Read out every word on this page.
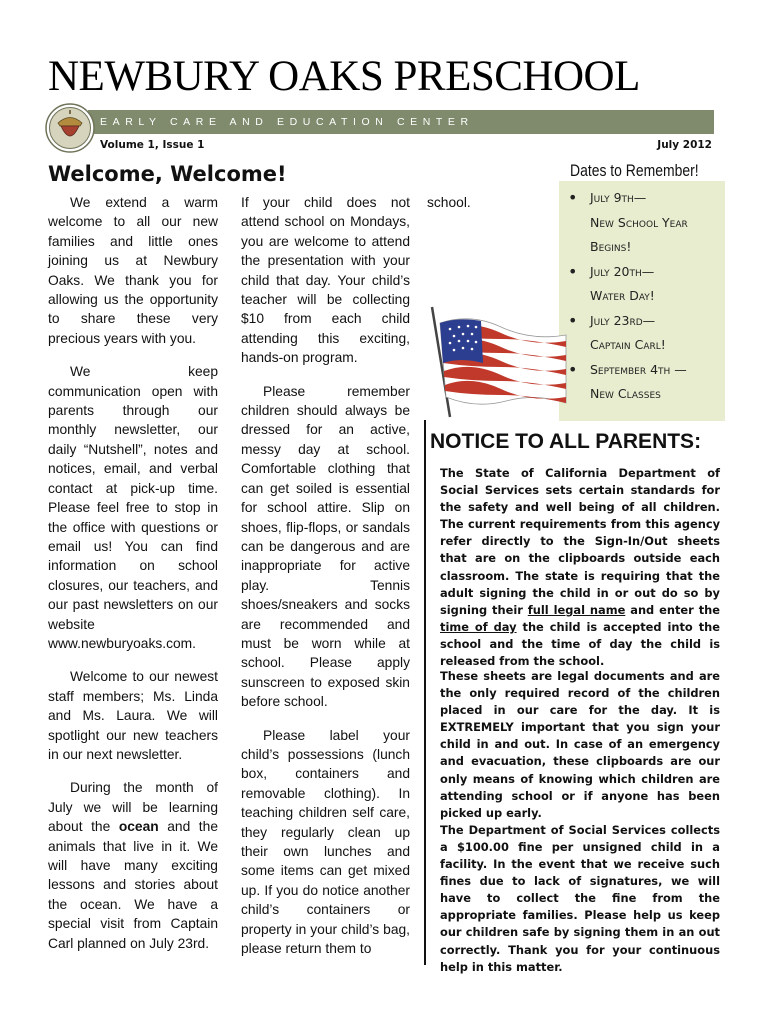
NEWBURY OAKS PRESCHOOL
EARLY CARE AND EDUCATION CENTER
Volume 1, Issue 1	July 2012
Welcome, Welcome!

We extend a warm welcome to all our new families and little ones joining us at Newbury Oaks. We thank you for allowing us the opportunity to share these very precious years with you.

We keep communication open with parents through our monthly newsletter, our daily “Nutshell”, notes and notices, email, and verbal contact at pick-up time. Please feel free to stop in the office with questions or email us! You can find information on school closures, our teachers, and our past newsletters on our website www.newburyoaks.com.

Welcome to our newest staff members; Ms. Linda and Ms. Laura. We will spotlight our new teachers in our next newsletter.

During the month of July we will be learning about the ocean and the animals that live in it. We will have many exciting lessons and stories about the ocean. We have a special visit from Captain Carl planned on July 23rd.

If your child does not attend school on Mondays, you are welcome to attend the presentation with your child that day. Your child’s teacher will be collecting $10 from each child attending this exciting, hands-on program.

Please remember children should always be dressed for an active, messy day at school. Comfortable clothing that can get soiled is essential for school attire. Slip on shoes, flip-flops, or sandals can be dangerous and are inappropriate for active play. Tennis shoes/sneakers and socks are recommended and must be worn while at school. Please apply sunscreen to exposed skin before school.

Please label your child’s possessions (lunch box, containers and removable clothing). In teaching children self care, they regularly clean up their own lunches and some items can get mixed up. If you do notice another child’s containers or property in your child’s bag, please return them to

school.
Dates to Remember!
• July 9th—
New School Year Begins!
• July 20th—
Water Day!
• July 23rd—
Captain Carl!
• September 4th —
New Classes
NOTICE TO ALL PARENTS:
The State of California Department of Social Services sets certain standards for the safety and well being of all children. The current requirements from this agency refer directly to the Sign-In/Out sheets that are on the clipboards outside each classroom. The state is requiring that the adult signing the child in or out do so by signing their full legal name and enter the time of day the child is accepted into the school and the time of day the child is released from the school.

These sheets are legal documents and are the only required record of the children placed in our care for the day. It is EXTREMELY important that you sign your child in and out. In case of an emergency and evacuation, these clipboards are our only means of knowing which children are attending school or if anyone has been picked up early.

The Department of Social Services collects a $100.00 fine per unsigned child in a facility. In the event that we receive such fines due to lack of signatures, we will have to collect the fine from the appropriate families. Please help us keep our children safe by signing them in an out correctly. Thank you for your continuous help in this matter.
